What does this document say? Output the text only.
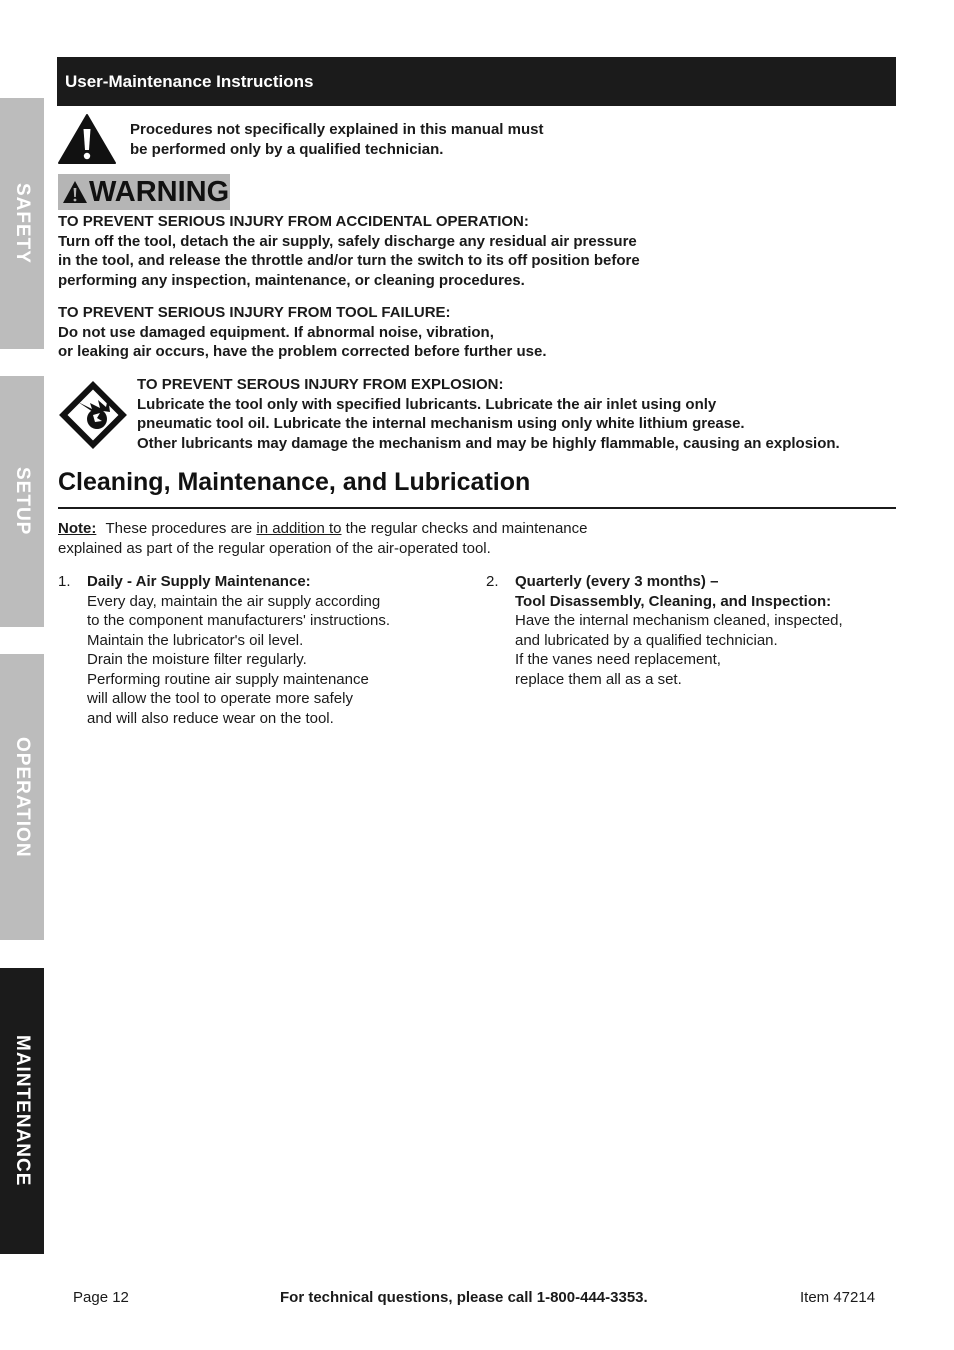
SAFETY
SETUP
OPERATION
MAINTENANCE
User-Maintenance Instructions
Procedures not specifically explained in this manual must
be performed only by a qualified technician.
WARNING
TO PREVENT SERIOUS INJURY FROM ACCIDENTAL OPERATION:
Turn off the tool, detach the air supply, safely discharge any residual air pressure
in the tool, and release the throttle and/or turn the switch to its off position before
performing any inspection, maintenance, or cleaning procedures.
TO PREVENT SERIOUS INJURY FROM TOOL FAILURE:
Do not use damaged equipment. If abnormal noise, vibration,
or leaking air occurs, have the problem corrected before further use.
TO PREVENT SEROUS INJURY FROM EXPLOSION:
Lubricate the tool only with specified lubricants. Lubricate the air inlet using only
pneumatic tool oil. Lubricate the internal mechanism using only white lithium grease.
Other lubricants may damage the mechanism and may be highly flammable, causing an explosion.
Cleaning, Maintenance, and Lubrication
Note: These procedures are in addition to the regular checks and maintenance
explained as part of the regular operation of the air-operated tool.
1. Daily - Air Supply Maintenance:
Every day, maintain the air supply according
to the component manufacturers' instructions.
Maintain the lubricator's oil level.
Drain the moisture filter regularly.
Performing routine air supply maintenance
will allow the tool to operate more safely
and will also reduce wear on the tool.
2. Quarterly (every 3 months) –
Tool Disassembly, Cleaning, and Inspection:
Have the internal mechanism cleaned, inspected,
and lubricated by a qualified technician.
If the vanes need replacement,
replace them all as a set.
Page 12	For technical questions, please call 1-800-444-3353.	Item 47214
